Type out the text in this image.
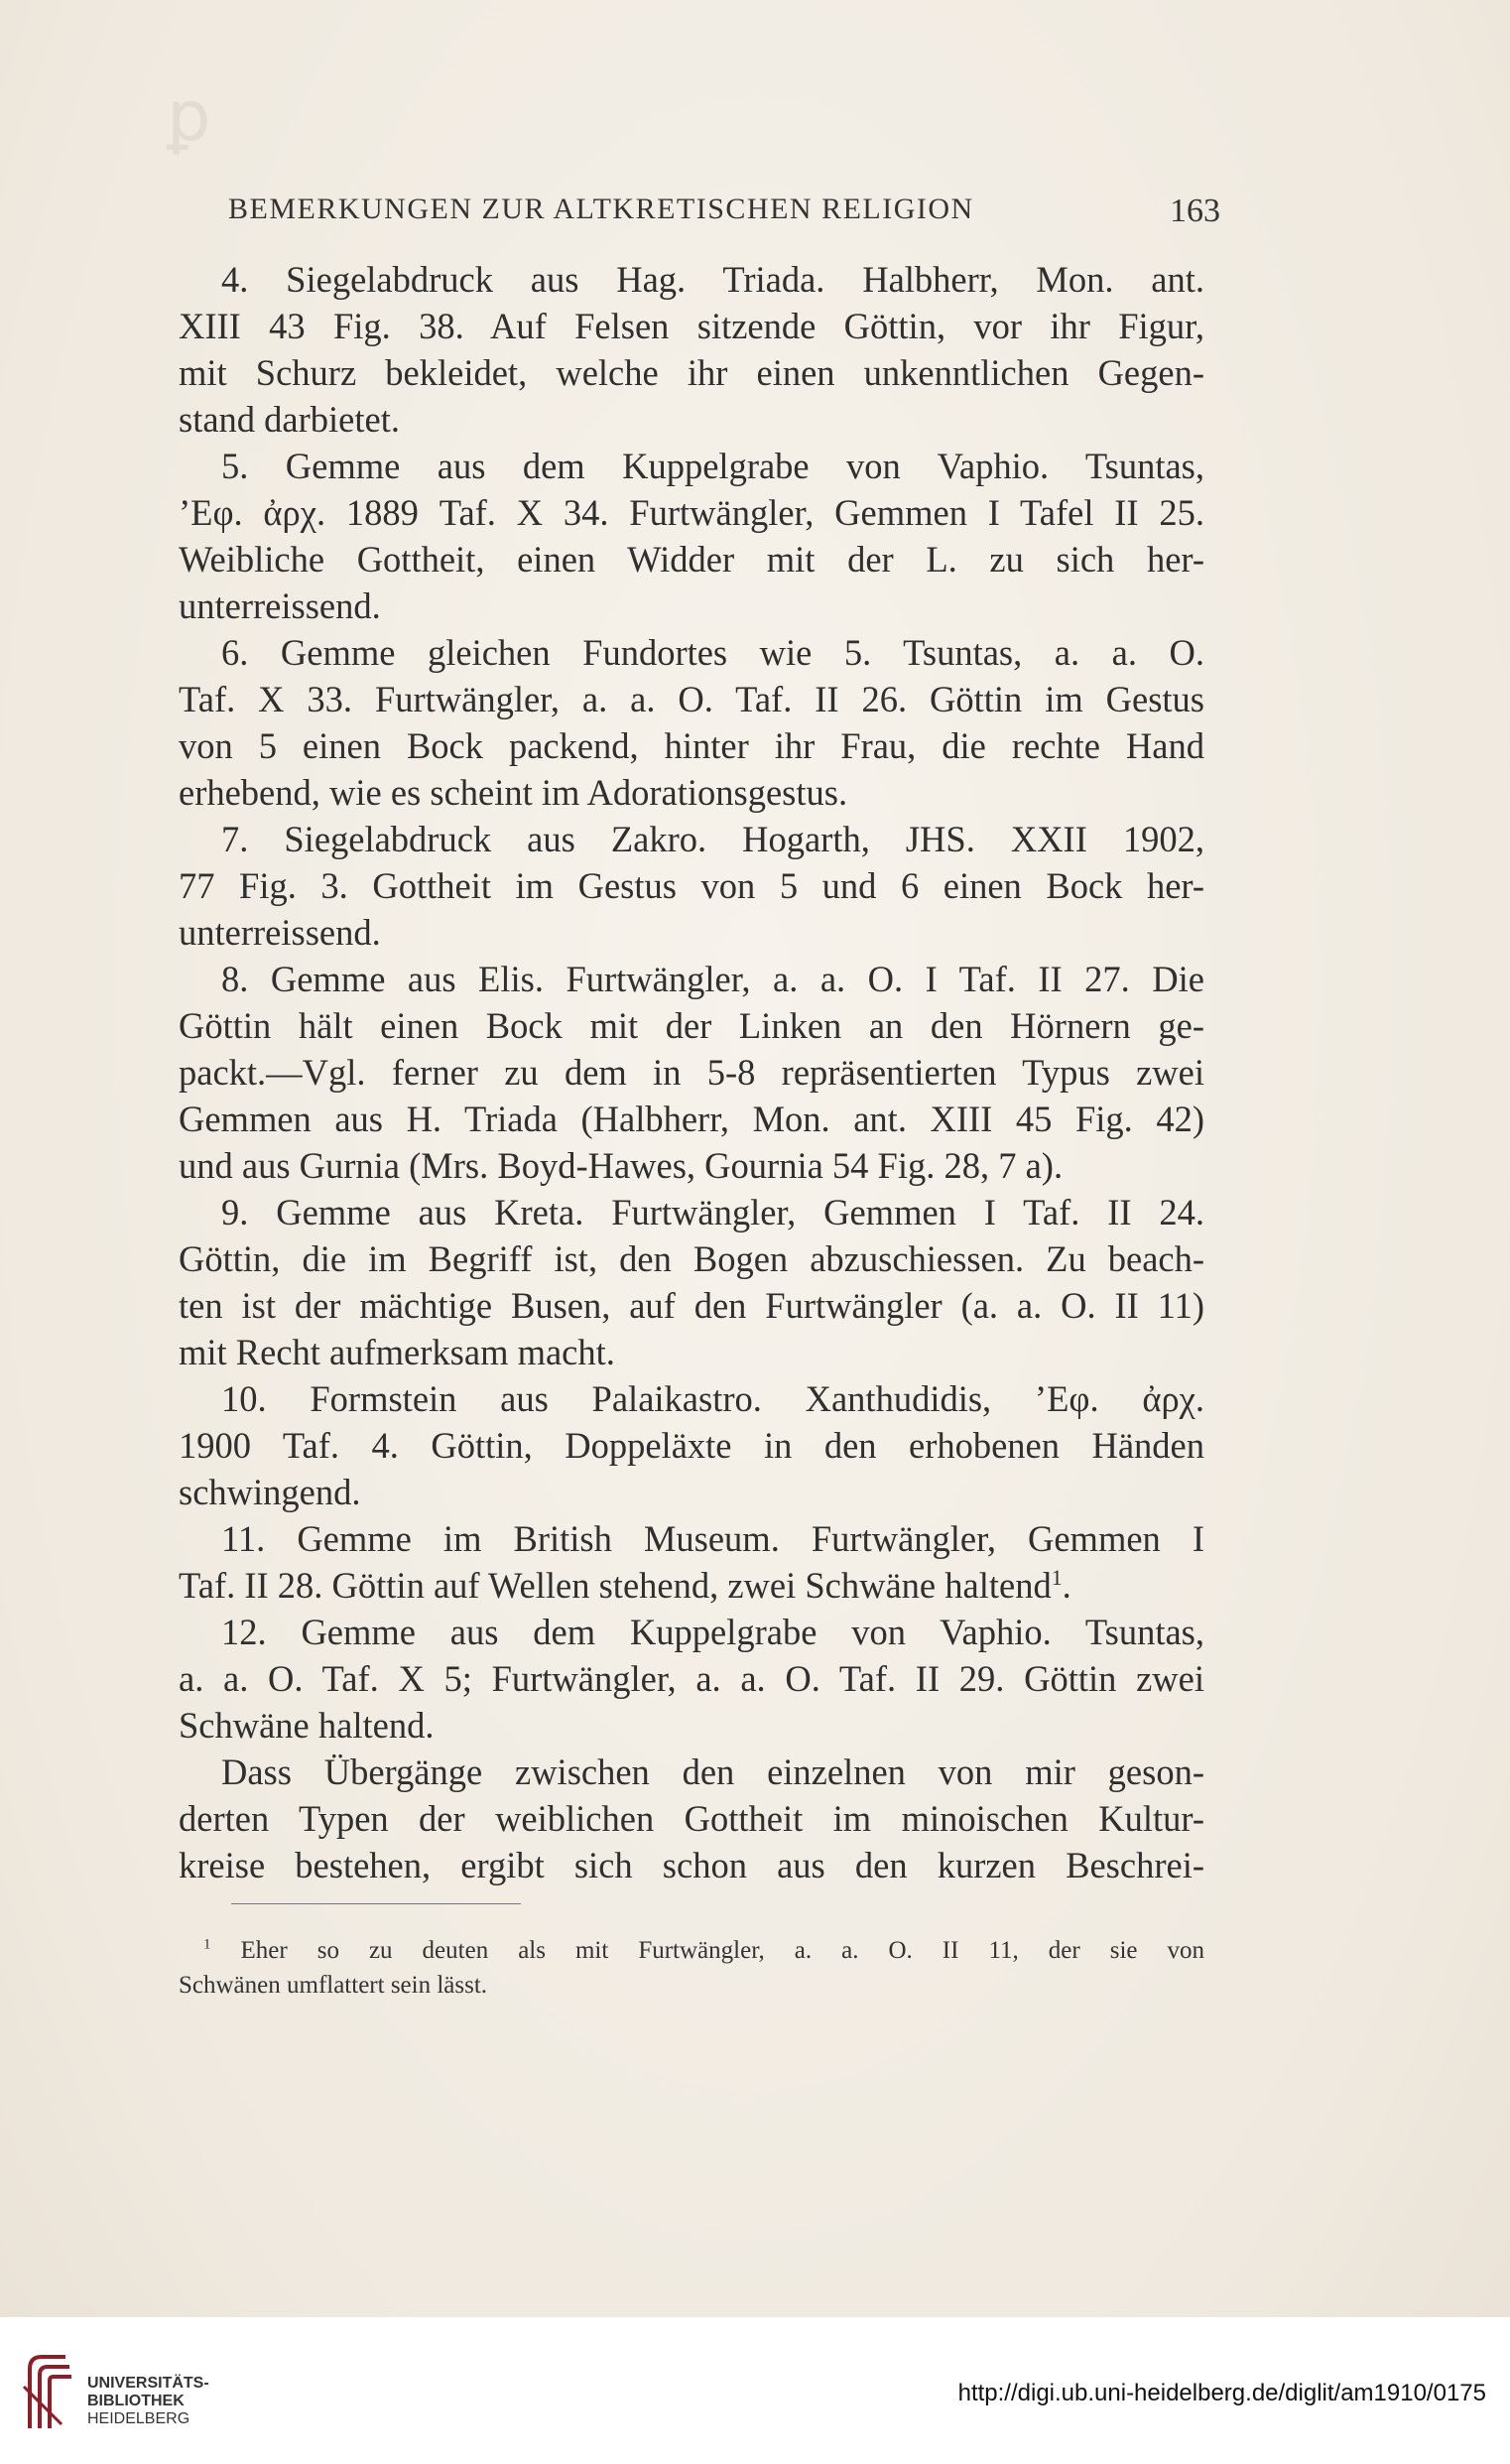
ꝑ
BEMERKUNGEN ZUR ALTKRETISCHEN RELIGION	163
4. Siegelabdruck aus Hag. Triada. Halbherr, Mon. ant.
XIII 43 Fig. 38. Auf Felsen sitzende Göttin, vor ihr Figur,
mit Schurz bekleidet, welche ihr einen unkenntlichen Gegen-
stand darbietet.
5. Gemme aus dem Kuppelgrabe von Vaphio. Tsuntas,
’Εφ. ἀρχ. 1889 Taf. X 34. Furtwängler, Gemmen I Tafel II 25.
Weibliche Gottheit, einen Widder mit der L. zu sich her-
unterreissend.
6. Gemme gleichen Fundortes wie 5. Tsuntas, a. a. O.
Taf. X 33. Furtwängler, a. a. O. Taf. II 26. Göttin im Gestus
von 5 einen Bock packend, hinter ihr Frau, die rechte Hand
erhebend, wie es scheint im Adorationsgestus.
7. Siegelabdruck aus Zakro. Hogarth, JHS. XXII 1902,
77 Fig. 3. Gottheit im Gestus von 5 und 6 einen Bock her-
unterreissend.
8. Gemme aus Elis. Furtwängler, a. a. O. I Taf. II 27. Die
Göttin hält einen Bock mit der Linken an den Hörnern ge-
packt.—Vgl. ferner zu dem in 5-8 repräsentierten Typus zwei
Gemmen aus H. Triada (Halbherr, Mon. ant. XIII 45 Fig. 42)
und aus Gurnia (Mrs. Boyd-Hawes, Gournia 54 Fig. 28, 7 a).
9. Gemme aus Kreta. Furtwängler, Gemmen I Taf. II 24.
Göttin, die im Begriff ist, den Bogen abzuschiessen. Zu beach-
ten ist der mächtige Busen, auf den Furtwängler (a. a. O. II 11)
mit Recht aufmerksam macht.
10. Formstein aus Palaikastro. Xanthudidis, ’Εφ. ἀρχ.
1900 Taf. 4. Göttin, Doppeläxte in den erhobenen Händen
schwingend.
11. Gemme im British Museum. Furtwängler, Gemmen I
Taf. II 28. Göttin auf Wellen stehend, zwei Schwäne haltend$^1$.
12. Gemme aus dem Kuppelgrabe von Vaphio. Tsuntas,
a. a. O. Taf. X 5; Furtwängler, a. a. O. Taf. II 29. Göttin zwei
Schwäne haltend.
Dass Übergänge zwischen den einzelnen von mir geson-
derten Typen der weiblichen Gottheit im minoischen Kultur-
kreise bestehen, ergibt sich schon aus den kurzen Beschrei-
$^1$ Eher so zu deuten als mit Furtwängler, a. a. O. II 11, der sie von
Schwänen umflattert sein lässt.
UNIVERSITÄTS-
BIBLIOTHEK
HEIDELBERG
http://digi.ub.uni-heidelberg.de/diglit/am1910/0175
